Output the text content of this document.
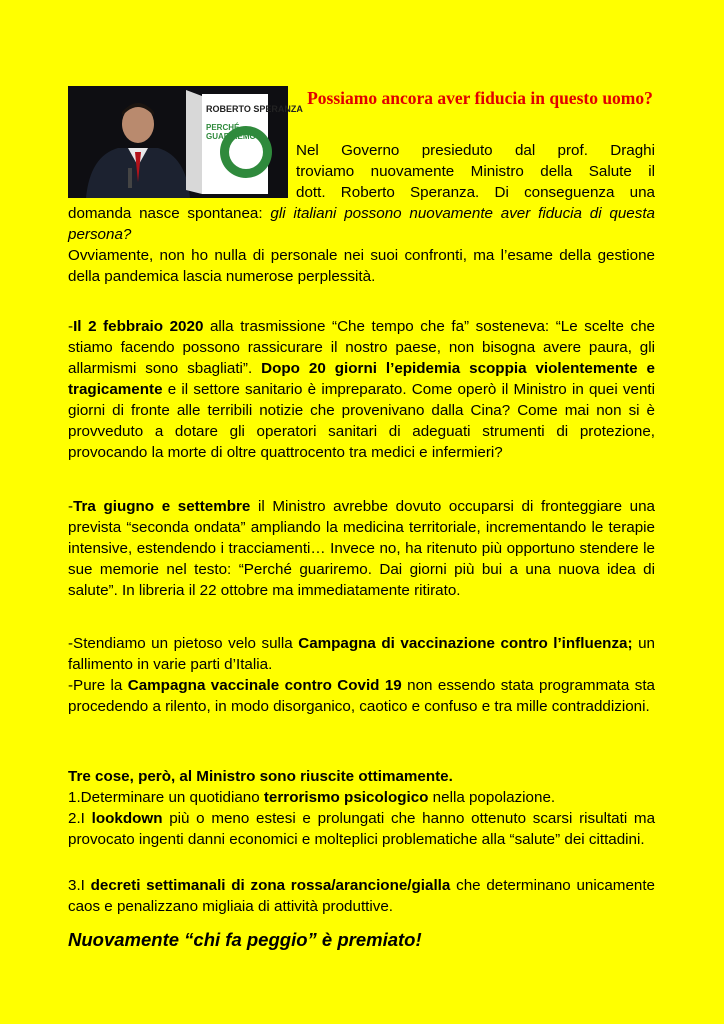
ROBERTO SPERANZA
PERCHÉ
GUARIREMO
Possiamo ancora aver fiducia in questo uomo?
Nel Governo presieduto dal prof. Draghi
troviamo nuovamente Ministro della Salute il
dott. Roberto Speranza. Di conseguenza una
domanda nasce spontanea: gli italiani possono nuovamente aver fiducia di questa persona?
Ovviamente, non ho nulla di personale nei suoi confronti, ma l’esame della gestione della pandemica lascia numerose perplessità.
-Il 2 febbraio 2020 alla trasmissione “Che tempo che fa” sosteneva: “Le scelte che stiamo facendo possono rassicurare il nostro paese, non bisogna avere paura, gli allarmismi sono sbagliati”. Dopo 20 giorni l’epidemia scoppia violentemente e tragicamente e il settore sanitario è impreparato. Come operò il Ministro in quei venti giorni di fronte alle terribili notizie che provenivano dalla Cina? Come mai non si è provveduto a dotare gli operatori sanitari di adeguati strumenti di protezione, provocando la morte di oltre quattrocento tra medici e infermieri?
-Tra giugno e settembre il Ministro avrebbe dovuto occuparsi di fronteggiare una prevista “seconda ondata” ampliando la medicina territoriale, incrementando le terapie intensive, estendendo i tracciamenti… Invece no, ha ritenuto più opportuno stendere le sue memorie nel testo: “Perché guariremo. Dai giorni più bui a una nuova idea di salute”. In libreria il 22 ottobre ma immediatamente ritirato.
-Stendiamo un pietoso velo sulla Campagna di vaccinazione contro l’influenza; un fallimento in varie parti d’Italia.
-Pure la Campagna vaccinale contro Covid 19 non essendo stata programmata sta procedendo a rilento, in modo disorganico, caotico e confuso e tra mille contraddizioni.
Tre cose, però, al Ministro sono riuscite ottimamente.
1.Determinare un quotidiano terrorismo psicologico nella popolazione.
2.I lookdown più o meno estesi e prolungati che hanno ottenuto scarsi risultati ma provocato ingenti danni economici e molteplici problematiche alla “salute” dei cittadini.
3.I decreti settimanali di zona rossa/arancione/gialla che determinano unicamente caos e penalizzano migliaia di attività produttive.
Nuovamente “chi fa peggio” è premiato!
